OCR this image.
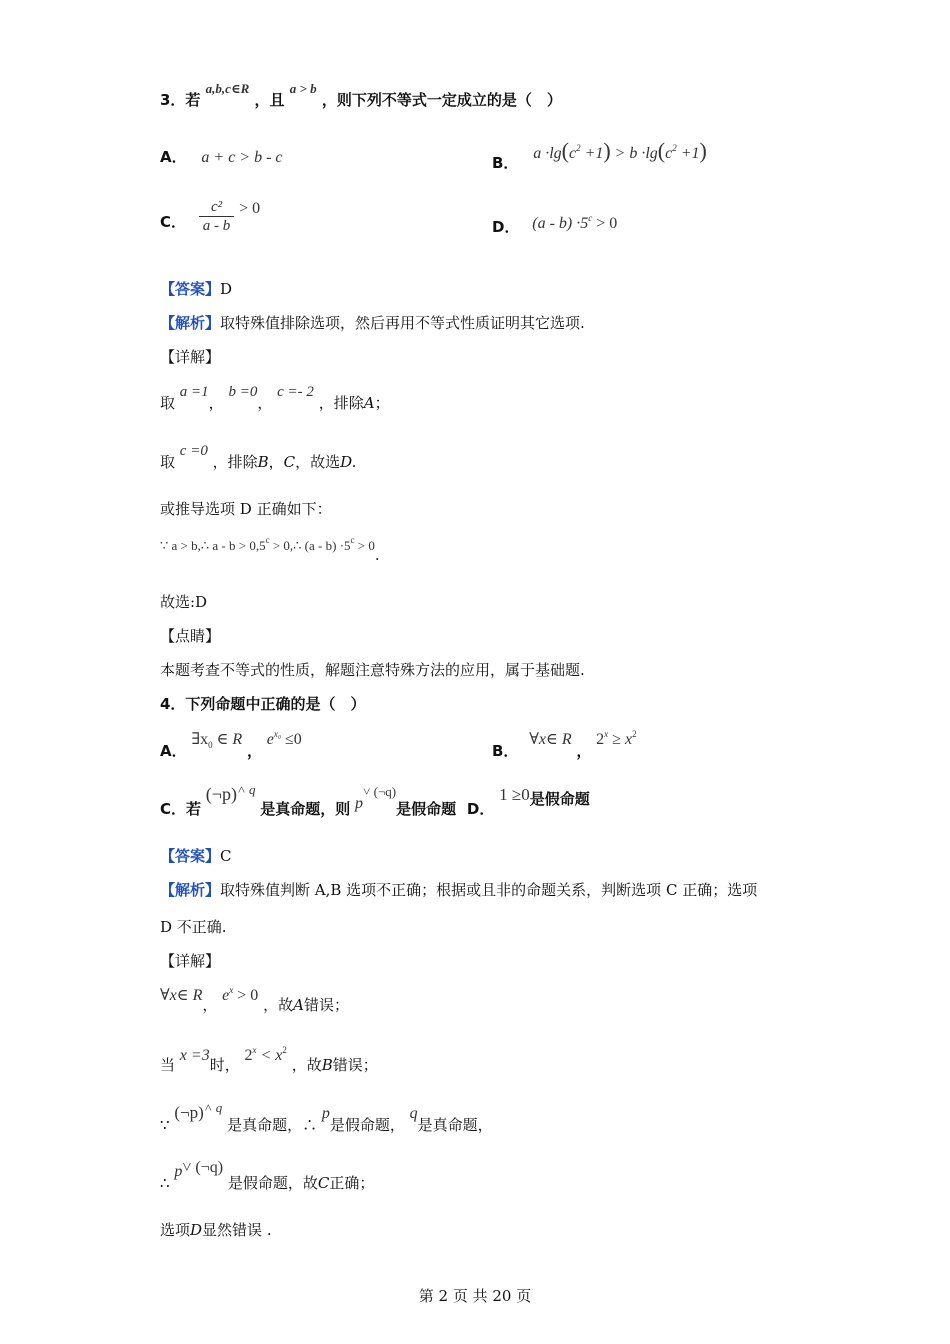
3．若 a,b,c∈R ，且 a > b ，则下列不等式一定成立的是（　）
A． a + c > b - c	B． $a \cdot\lg(c^2 +1) > b \cdot\lg(c^2 +1)$
C． $\frac{\text{c²}}{a - b} > 0$
D． $(a - b) \cdot 5^c > 0$
【答案】D
【解析】取特殊值排除选项，然后再用不等式性质证明其它选项.
【详解】
取 a =1， b =0， c =- 2 ，排除A；
取 c =0 ，排除B，C，故选D.
或推导选项 D 正确如下：
∵ a > b,∴ a - b > 0,5$^c$ > 0,∴ $(a - b) \cdot 5^c > 0$.
故选:D
【点睛】
本题考查不等式的性质，解题注意特殊方法的应用，属于基础题.
4．下列命题中正确的是（　）
A． $\exists x_0$ ∈ R ， $e^{x_0} \le 0$
B． ∀x∈ R ， $2^x \ge x^2$
C．若 (¬p)$^{˄ q}$ 是真命题，则 p˅ (¬q)是假命题 D． 1 ≥0是假命题
【答案】C
【解析】取特殊值判断 A,B 选项不正确；根据或且非的命题关系，判断选项 C 正确；选项
D 不正确.
【详解】
∀x∈ R， $e^x > 0$ ，故A错误；
当 x =3时， $2^x < x^2$ ，故B错误；
∵ (¬p)$^{˄ q}$ 是真命题，∴ p是假命题， q是真命题，
∴ p˅ (¬q) 是假命题，故C正确；
选项D显然错误 .
第 2 页 共 20 页
